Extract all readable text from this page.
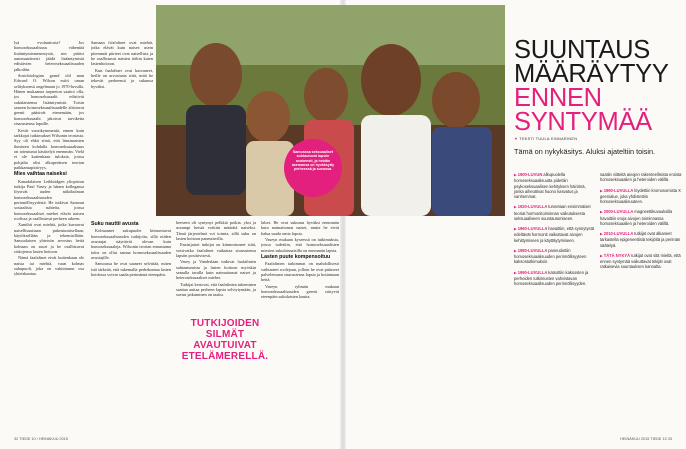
lyä evoluutiosta? Jos homoseksuaalisuus vähentää lisääntymismenestystä, sen pitäisi automaattisesti jäädä lisääntymistä edistävien heteroseksuaalisuuden jalkoihin.

Sosiobiologian grand old man Edward O. Wilson esitti oman selityksensä ongelmaan jo 1970-luvulla. Hänen mukaansa tarpeeton saattoi olla, jos homoseksuaalit edistivät sukulaistensa lisääntymistä. Toisin sanoen homoseksuaalisuudelle altistavat geenit pääsivät etenemään, jos homoseksuaalit jakoivat tarviketta sisarustensa lapsille.

Kevät vuosikymmentä, ennen kuin tarkkojat tutkimukset Wilsonin teoriasta. Syy oli ehkä siinä, että länsimaisten ihmisten kohdalla homoseksuaalisuus on toteutunut käsittelyä enemmän. Vielä ei ole kuitenkaan tuloksia, joissa pohjalta olisi alkuperäisen teorian paikkansapitävyys.

Mies vaihtaa naiseksi

Kanadalaisen Lethbridgen yliopiston tutkija Paul Vasey ja hänen kollegansa löysivät uuden näkökulman homoseksuaalisuuden perinnöllisyydestä. He tutkivat Samoan sosiaalisia suhteita, joissa homoseksuaaliset miehet elävät naisen roolissa ja osallistuvat perheen arkeen.

Xanithit ovat miehiä, jotka kuvaavat naisellisuuttaan pukeutumisellaan, käytöksellään ja tekemisillään. Samoalaisen yhteisön arvostus heitä kohtaan on suuri ja he osallistuvat siskojensa lasten hoitoon.

Nämä faafafinet eivät kuitenkaan ole naisia tai miehiä, vaan kolmas sukupuoli, joka on vakiintunut osa yhteiskuntaa.

Samaan fa'afafinet ovat miehiä, jotka elävät kuin naiset: usein pitemmät piirteet ovat naisellisia ja he osallistuvat naisten töihin kuten lastenhoitoon.

Kun faafafinet ovat kasvaneet, heille on arvostusta siitä, mitä he tekevät perheensä ja sukunsa hyväksi.

Suku nauttii avusta

Kolmannet sukupuolet kiinnostavat homoseksuaalisuuden tutkijoita, sillä niiden avustajat näyttävät olevan kuin homoseksuaaleja. Wilsonin teorian ennustama tulos on ollut samaa homoseksuaalisuuden avustajille.

Samoassa he ovat saaneet selvittää, miten isiä tärkeää, että tukemalla perhekuntaa lasten hoidossa voivat saada perimänsä eteenpäin.

heeseen oli syntynyt pelkkiä poikia, yksi ja useampi heistä voittiin määrätä naiseksi. Tämä järjestelmä voi toimia, sillä suku on lasten hoitoon paneutuvilla.

Ensisijaiset tutkijat on kiinnostuneet siitä, voisivatko faafafinet vaikuttaa sisarustensa lapsiin positiivisesti.

Vasey ja Vanderlaan tutkivat faafafinien suhtautumista ja lasten hoitoon myöskin samalla tavalla kuin naimattomat naiset ja heteroseksuaaliset miehet.

Tutkijat kertovat, että faafafinien tukeminen saattaa auttaa perheen lapsia selviytymään, ja suvun jatkuminen on taattu.

lalset. He ovat sukunsa hyväksi enemmän kuin naimattomat naiset, mutta he eivät halua saada omia lapsia.

Vaseyn mukaan kyseessä on tutkimuksia, joissa todettiin, että homoseksuaalisten miesten sukulaisnaisilla on enemmän lapsia.

Lasten puute kompensoituu

Faafafinien tarkimmat on mahdollisesti vaihtaneet roolejaan, jolloin he ovat päässeet palvelemaan sisarustensa lapsia ja hoitamaan heitä.

Vaseyn ryhmän mukaan homoseksuaalisuuden geenit siirtyvät eteenpäin sukulaisten kautta.

Samoassa seksuaaliset suhtautuvat lapsiin avoimesti, ja heidän asemansa on hyväksytty perheessä ja suvussa.
TUTKIJOIDEN SILMÄT AVAUTUIVAT ETELÄMERELLÄ.
32 TIEDE 10 / HEINÄKUU 2015
SUUNTAUS MÄÄRÄYTYY
ENNEN SYNTYMÄÄ
▼ TEKSTI TUULA KINNARINEN
Tämä on nykykäsitys. Aluksi ajateltiin toisin.
▶1900-LUVUN alkupuolella homoseksuaalisuutta pidettiin psykoseksuaalisen kehityksen häiriönä, jonka aiheuttivat huono kasvatus ja vanhemmat.
▶1920-LUVULLA tunnetaan ensimmäiset teoriat hormonitoiminnan vaikutuksesta seksuaaliseen suuntautumiseen.
▶1960-LUVULLA havaittiin, että synnytystä edeltävät hormonit vaikuttavat aivojen kehittymiseen ja käyttäytymiseen.
▶1980-LUVULLA paneuduttiin homoseksuaalisuuden perinnöllisyyteen kaksostutkimuksin.
▶1990-LUVULLA katsottiin kaksosten ja perheiden tutkimusten vahvistavan homoseksuaalisuuden perinnöllisyyden.
saatiin viitteitä aivojen rakenteellisista eroista homoseksuaalien ja heteroiden välillä.
▶1990-LUVULLA löydettiin kromosomista X geenialue, joka yhdistettiin homoseksuaalisuuteen.
▶2000-LUVULLA magneettikuvauksilla havaittiin eroja aivojen toiminnassa homoseksuaalien ja heteroiden välillä.
▶2010-LUVULLA tutkijat ovat alkaneet tarkastella epigeneettisiä tekijöitä ja perimän säätelyä.
▶TÄTÄ NYKYÄ tutkijat ovat sitä mieltä, että ennen syntymää vaikuttavat tekijät ovat ratkaisevia suuntauksen kannalta.
HEINÄKUU 2015 TIEDE 10 33
